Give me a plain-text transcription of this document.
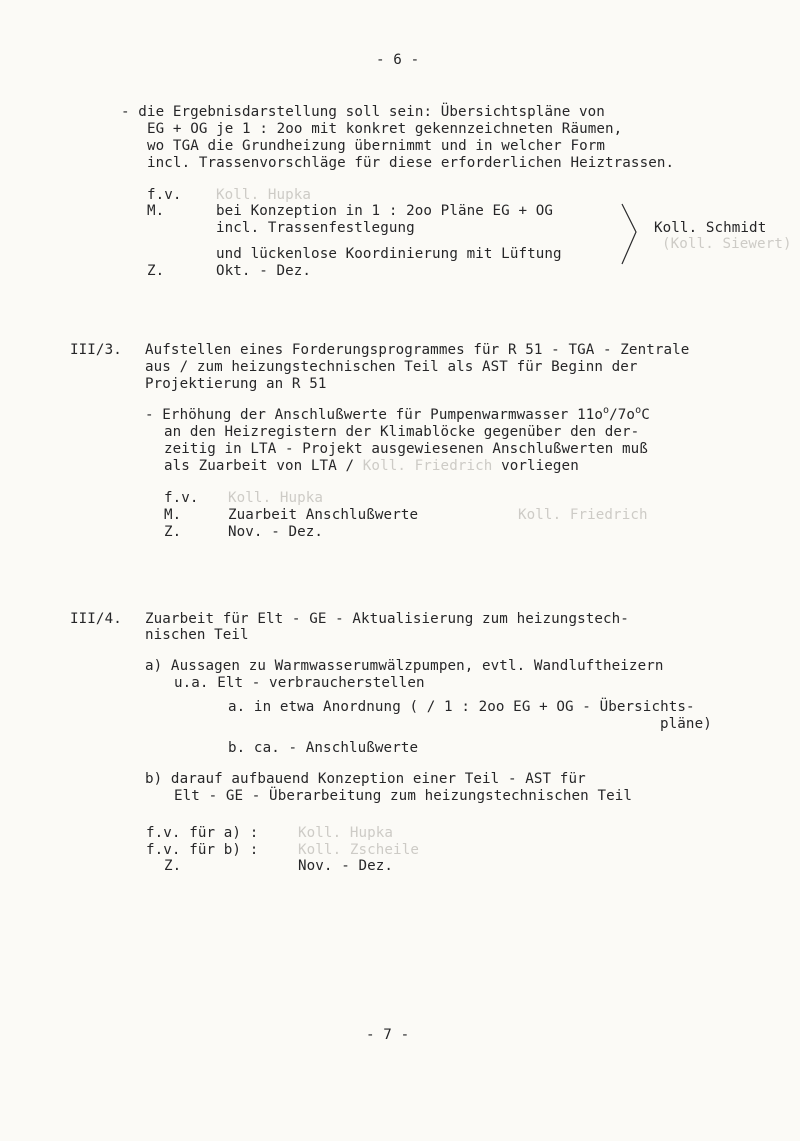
- 6 -
- die Ergebnisdarstellung soll sein: Übersichtspläne von
EG + OG je 1 : 2oo mit konkret gekennzeichneten Räumen,
wo TGA die Grundheizung übernimmt und in welcher Form
incl. Trassenvorschläge für diese erforderlichen Heiztrassen.
f.v. Koll. Hupka
M.	bei Konzeption in 1 : 2oo Pläne EG + OG
incl. Trassenfestlegung
und lückenlose Koordinierung mit Lüftung
Koll. Schmidt
(Koll. Siewert)
Z.	Okt. - Dez.
III/3. Aufstellen eines Forderungsprogrammes für R 51 - TGA - Zentrale
aus / zum heizungstechnischen Teil als AST für Beginn der
Projektierung an R 51
- Erhöhung der Anschlußwerte für Pumpenwarmwasser $11o^o/7o^oC$
an den Heizregistern der Klimablöcke gegenüber den der-
zeitig in LTA - Projekt ausgewiesenen Anschlußwerten muß
als Zuarbeit von LTA / Koll. Friedrich vorliegen
f.v. Koll. Hupka
M.	Zuarbeit Anschlußwerte	Koll. Friedrich
Z.	Nov. - Dez.
III/4. Zuarbeit für Elt - GE - Aktualisierung zum heizungstech-
nischen Teil
a) Aussagen zu Warmwasserumwälzpumpen, evtl. Wandluftheizern
u.a. Elt - verbraucherstellen
a. in etwa Anordnung ( / 1 : 2oo EG + OG - Übersichts-
pläne)
b. ca. - Anschlußwerte
b) darauf aufbauend Konzeption einer Teil - AST für
Elt - GE - Überarbeitung zum heizungstechnischen Teil
f.v. für a) :	Koll. Hupka
f.v. für b) :	Koll. Zscheile
Z.	Nov. - Dez.
- 7 -
